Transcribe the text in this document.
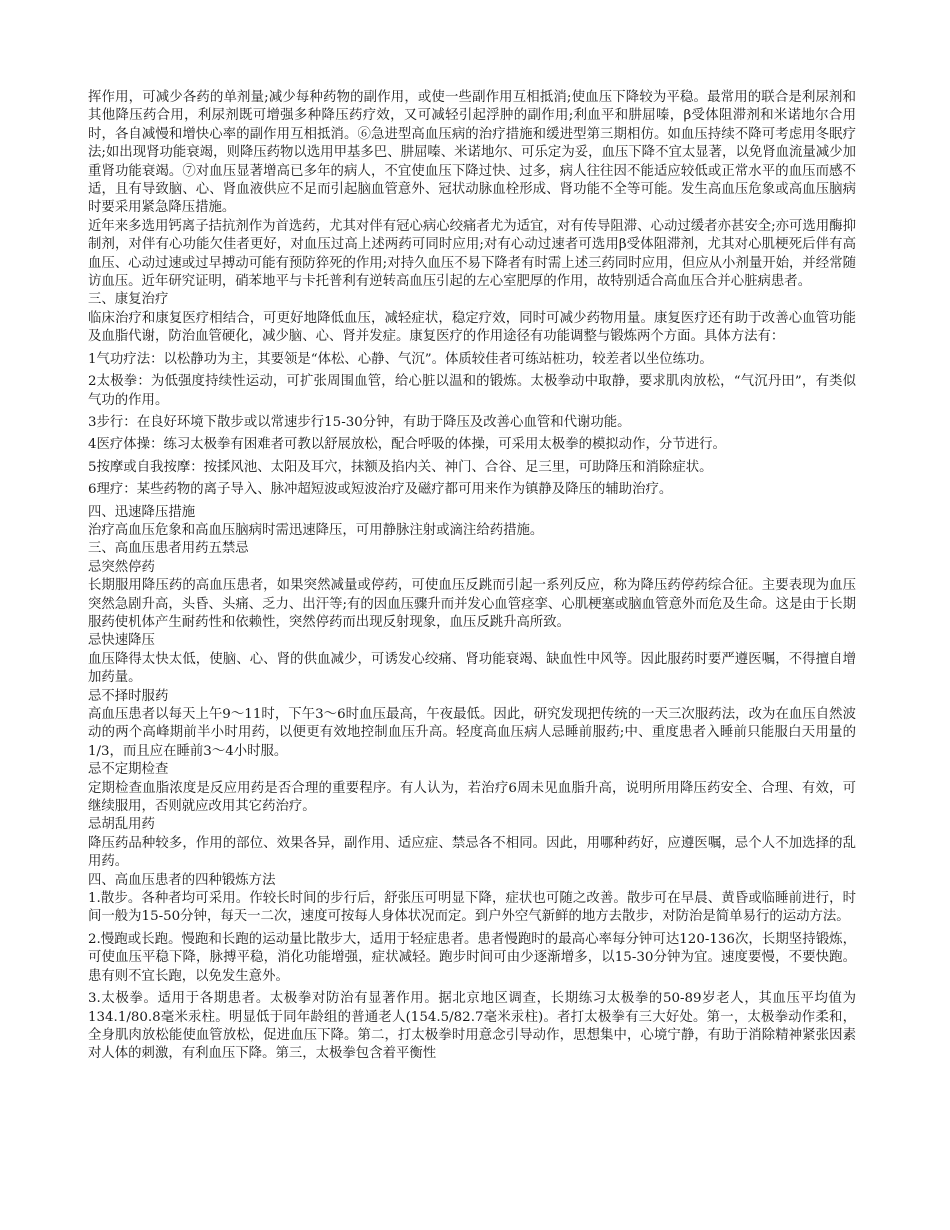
挥作用，可减少各药的单剂量;减少每种药物的副作用，或使一些副作用互相抵消;使血压下降较为平稳。最常用的联合是利尿剂和其他降压药合用，利尿剂既可增强多种降压药疗效，又可减轻引起浮肿的副作用;利血平和肼屈嗪，β受体阻滞剂和米诺地尔合用时，各自减慢和增快心率的副作用互相抵消。⑥急进型高血压病的治疗措施和缓进型第三期相仿。如血压持续不降可考虑用冬眠疗法;如出现肾功能衰竭，则降压药物以选用甲基多巴、肼屈嗪、米诺地尔、可乐定为妥，血压下降不宜太显著，以免肾血流量减少加重肾功能衰竭。⑦对血压显著增高已多年的病人，不宜使血压下降过快、过多，病人往往因不能适应较低或正常水平的血压而感不适，且有导致脑、心、肾血液供应不足而引起脑血管意外、冠状动脉血栓形成、肾功能不全等可能。发生高血压危象或高血压脑病时要采用紧急降压措施。

近年来多选用钙离子拮抗剂作为首选药，尤其对伴有冠心病心绞痛者尤为适宜，对有传导阻滞、心动过缓者亦甚安全;亦可选用酶抑制剂，对伴有心功能欠佳者更好，对血压过高上述两药可同时应用;对有心动过速者可选用β受体阻滞剂，尤其对心肌梗死后伴有高血压、心动过速或过早搏动可能有预防猝死的作用;对持久血压不易下降者有时需上述三药同时应用，但应从小剂量开始，并经常随访血压。近年研究证明，硝苯地平与卡托普利有逆转高血压引起的左心室肥厚的作用，故特别适合高血压合并心脏病患者。

三、康复治疗

临床治疗和康复医疗相结合，可更好地降低血压，减轻症状，稳定疗效，同时可减少药物用量。康复医疗还有助于改善心血管功能及血脂代谢，防治血管硬化，减少脑、心、肾并发症。康复医疗的作用途径有功能调整与锻炼两个方面。具体方法有：

1气功疗法：以松静功为主，其要领是“体松、心静、气沉”。体质较佳者可练站桩功，较差者以坐位练功。

2太极拳：为低强度持续性运动，可扩张周围血管，给心脏以温和的锻炼。太极拳动中取静，要求肌肉放松，“气沉丹田”，有类似气功的作用。

3步行：在良好环境下散步或以常速步行15-30分钟，有助于降压及改善心血管和代谢功能。

4医疗体操：练习太极拳有困难者可教以舒展放松，配合呼吸的体操，可采用太极拳的模拟动作，分节进行。

5按摩或自我按摩：按揉风池、太阳及耳穴，抹额及掐内关、神门、合谷、足三里，可助降压和消除症状。

6理疗：某些药物的离子导入、脉冲超短波或短波治疗及磁疗都可用来作为镇静及降压的辅助治疗。

四、迅速降压措施

治疗高血压危象和高血压脑病时需迅速降压，可用静脉注射或滴注给药措施。

三、高血压患者用药五禁忌

忌突然停药

长期服用降压药的高血压患者，如果突然减量或停药，可使血压反跳而引起一系列反应，称为降压药停药综合征。主要表现为血压突然急剧升高，头昏、头痛、乏力、出汗等;有的因血压骤升而并发心血管痉挛、心肌梗塞或脑血管意外而危及生命。这是由于长期服药使机体产生耐药性和依赖性，突然停药而出现反射现象，血压反跳升高所致。

忌快速降压

血压降得太快太低，使脑、心、肾的供血减少，可诱发心绞痛、肾功能衰竭、缺血性中风等。因此服药时要严遵医嘱，不得擅自增加药量。

忌不择时服药

高血压患者以每天上午9～11时，下午3～6时血压最高，午夜最低。因此，研究发现把传统的一天三次服药法，改为在血压自然波动的两个高峰期前半小时用药，以便更有效地控制血压升高。轻度高血压病人忌睡前服药;中、重度患者入睡前只能服白天用量的1/3，而且应在睡前3～4小时服。

忌不定期检查

定期检查血脂浓度是反应用药是否合理的重要程序。有人认为，若治疗6周未见血脂升高，说明所用降压药安全、合理、有效，可继续服用，否则就应改用其它药治疗。

忌胡乱用药

降压药品种较多，作用的部位、效果各异，副作用、适应症、禁忌各不相同。因此，用哪种药好，应遵医嘱，忌个人不加选择的乱用药。

四、高血压患者的四种锻炼方法

1.散步。各种者均可采用。作较长时间的步行后，舒张压可明显下降，症状也可随之改善。散步可在早晨、黄昏或临睡前进行，时间一般为15-50分钟，每天一二次，速度可按每人身体状况而定。到户外空气新鲜的地方去散步，对防治是简单易行的运动方法。

2.慢跑或长跑。慢跑和长跑的运动量比散步大，适用于轻症患者。患者慢跑时的最高心率每分钟可达120-136次，长期坚持锻炼，可使血压平稳下降，脉搏平稳，消化功能增强，症状减轻。跑步时间可由少逐渐增多，以15-30分钟为宜。速度要慢，不要快跑。患有则不宜长跑，以免发生意外。

3.太极拳。适用于各期患者。太极拳对防治有显著作用。据北京地区调查，长期练习太极拳的50-89岁老人，其血压平均值为134.1/80.8毫米汞柱。明显低于同年龄组的普通老人(154.5/82.7毫米汞柱)。者打太极拳有三大好处。第一，太极拳动作柔和，全身肌肉放松能使血管放松，促进血压下降。第二，打太极拳时用意念引导动作，思想集中，心境宁静，有助于消除精神紧张因素对人体的刺激，有利血压下降。第三，太极拳包含着平衡性
